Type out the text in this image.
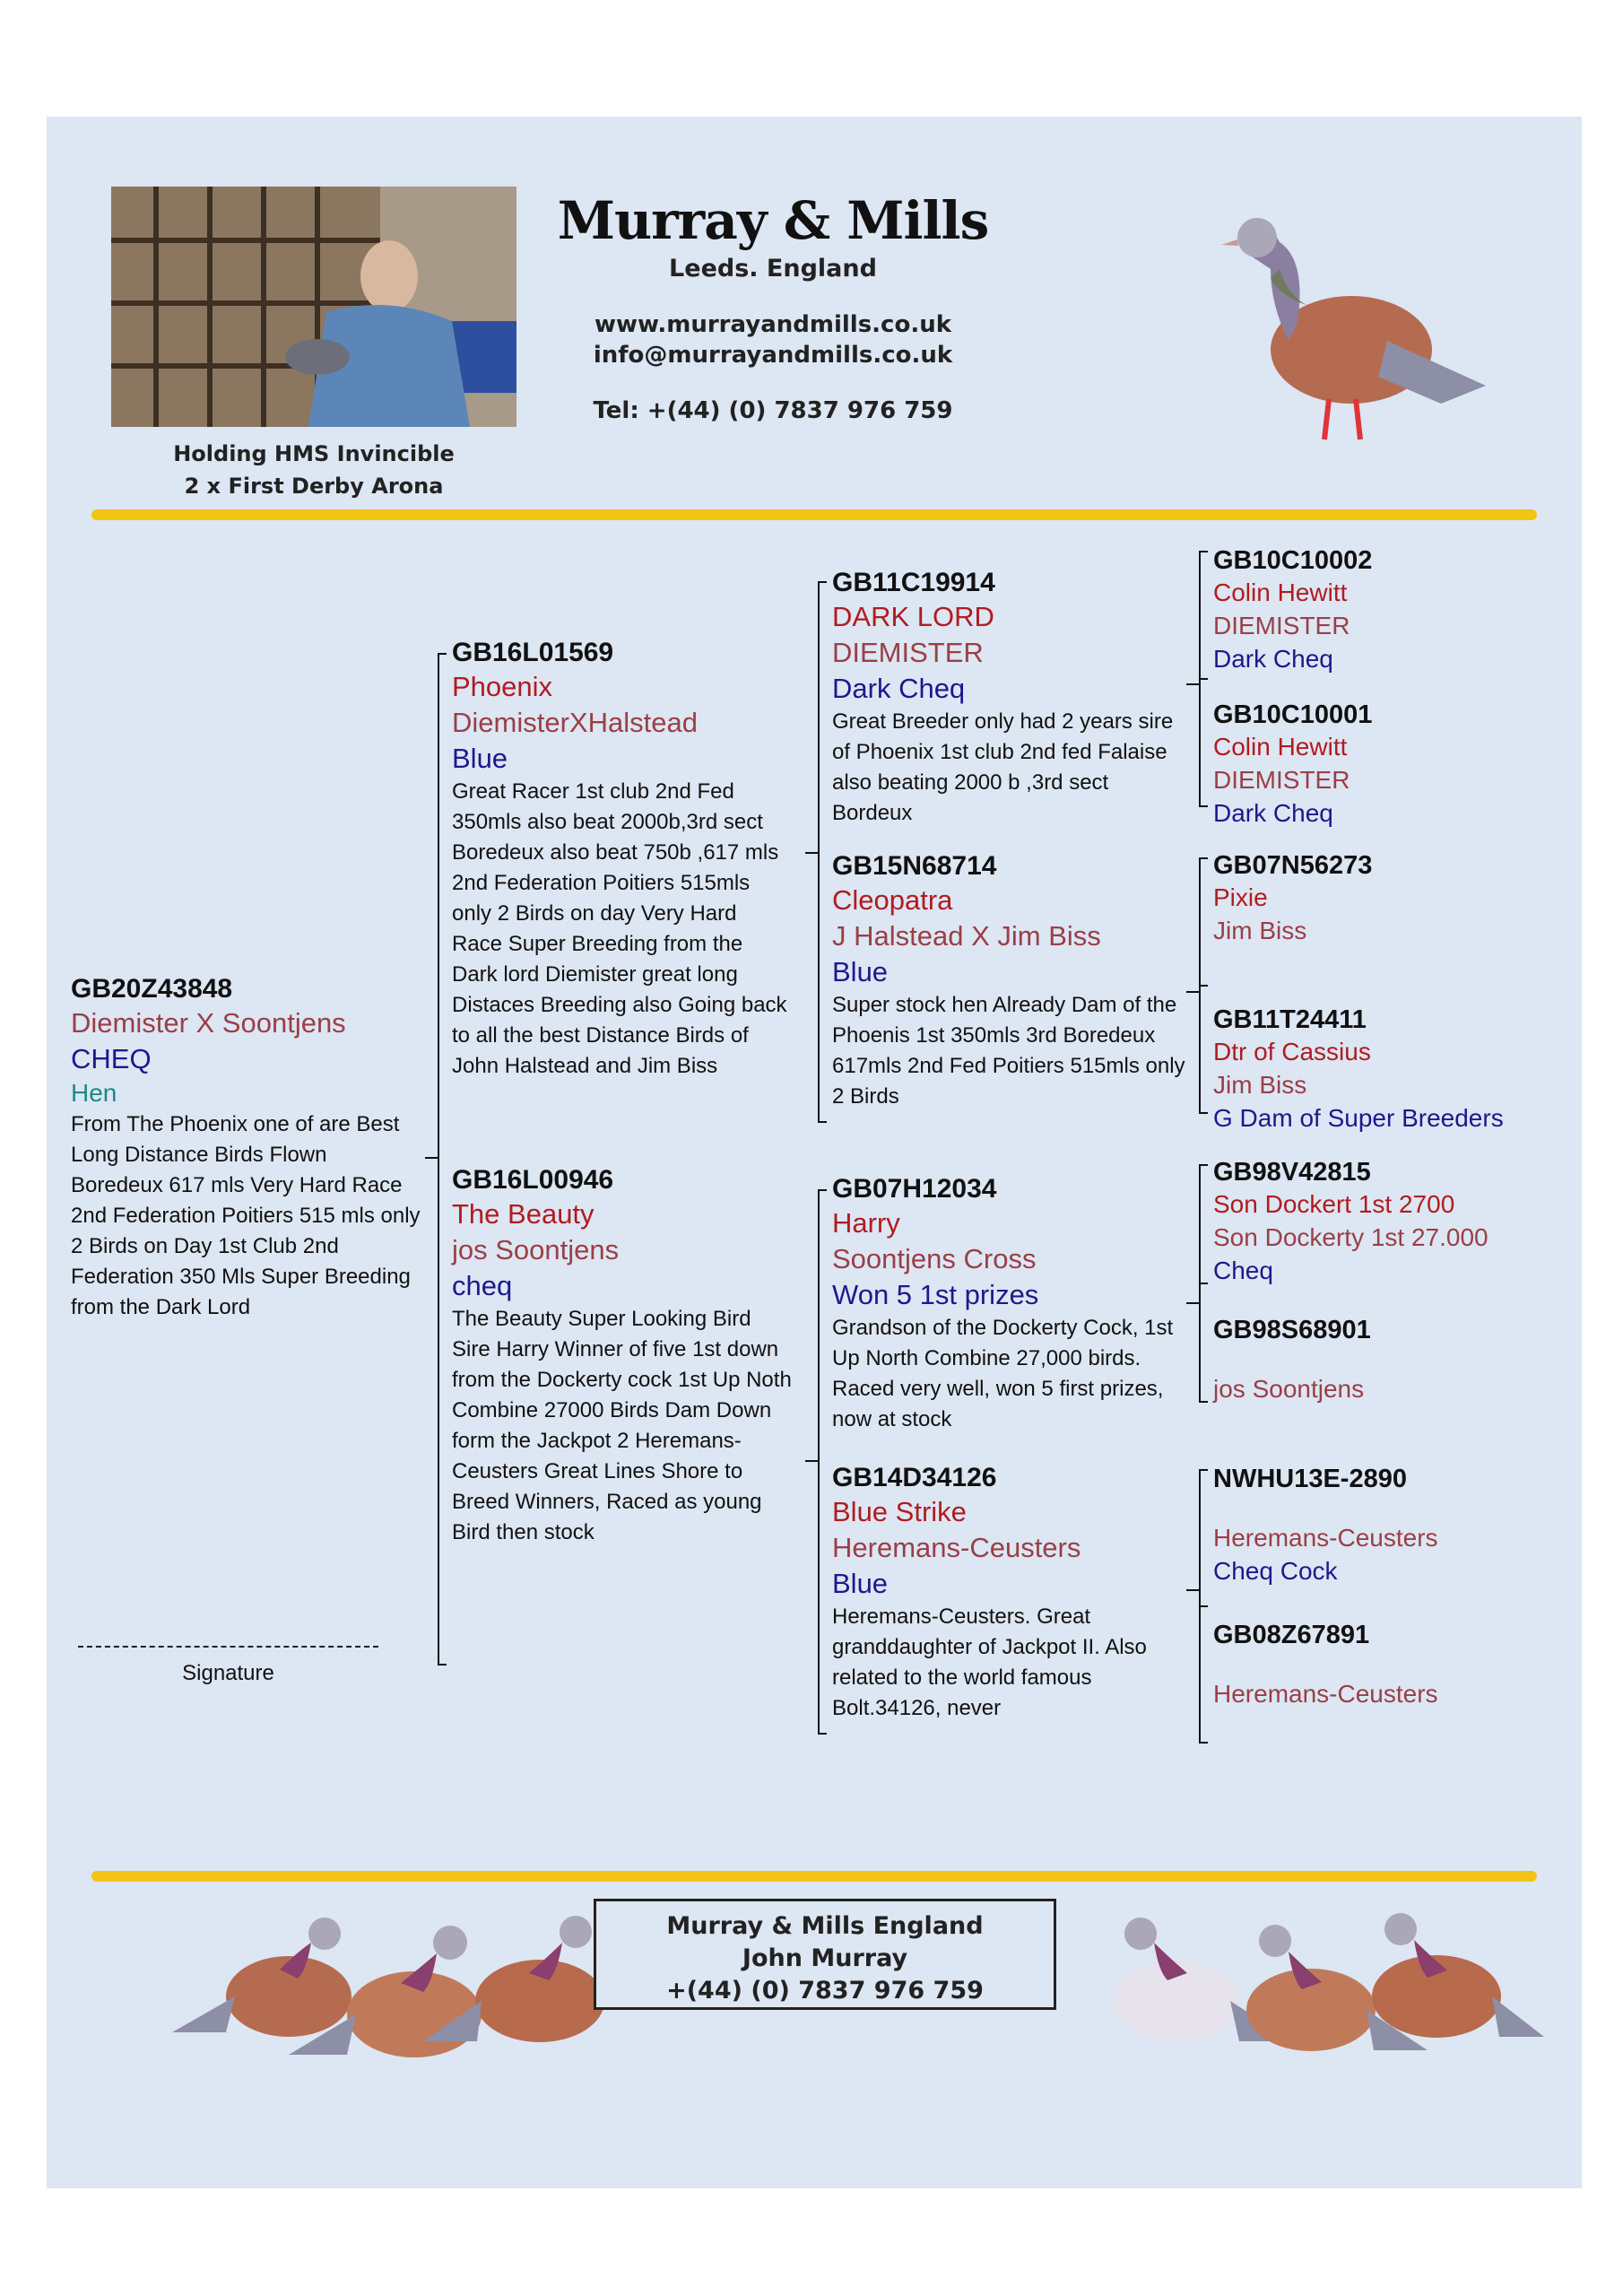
Holding HMS Invincible
2 x First Derby Arona
Murray & Mills
Leeds. England
www.murrayandmills.co.uk
info@murrayandmills.co.uk
Tel: +(44) (0) 7837 976 759
GB20Z43848
Diemister X Soontjens
CHEQ
Hen
From The Phoenix one of are Best Long Distance Birds Flown Boredeux 617 mls Very Hard Race 2nd Federation Poitiers 515 mls only 2 Birds on Day 1st Club 2nd Federation 350 Mls Super Breeding from the Dark Lord
GB16L01569
Phoenix
DiemisterXHalstead
Blue
Great Racer 1st club 2nd Fed 350mls also beat 2000b,3rd sect Boredeux also beat 750b ,617 mls 2nd Federation Poitiers 515mls only 2 Birds on day Very Hard Race Super Breeding from the Dark lord Diemister great long Distaces Breeding also Going back to all the best Distance Birds of John Halstead and Jim Biss
GB16L00946
The Beauty
jos Soontjens
cheq
The Beauty Super Looking Bird Sire Harry Winner of five 1st down from the Dockerty cock 1st Up Noth Combine 27000 Birds Dam Down form the Jackpot 2 Heremans-Ceusters Great Lines Shore to Breed Winners, Raced as young Bird then stock
GB11C19914
DARK LORD
DIEMISTER
Dark Cheq
Great Breeder only had 2 years sire of Phoenix 1st club 2nd fed Falaise also beating 2000 b ,3rd sect Bordeux
GB15N68714
Cleopatra
J Halstead X Jim Biss
Blue
Super stock hen Already Dam of the Phoenis 1st 350mls 3rd Boredeux 617mls 2nd Fed Poitiers 515mls only 2 Birds
GB07H12034
Harry
Soontjens Cross
Won 5 1st prizes
Grandson of the Dockerty Cock, 1st Up North Combine 27,000 birds. Raced very well, won 5 first prizes, now at stock
GB14D34126
Blue Strike
Heremans-Ceusters
Blue
Heremans-Ceusters. Great granddaughter of Jackpot II. Also related to the world famous Bolt.34126, never
GB10C10002
Colin Hewitt
DIEMISTER
Dark Cheq
GB10C10001
Colin Hewitt
DIEMISTER
Dark Cheq
GB07N56273
Pixie
Jim Biss
GB11T24411
Dtr of Cassius
Jim Biss
G Dam of Super Breeders
GB98V42815
Son Dockert 1st 2700
Son Dockerty 1st 27.000
Cheq
GB98S68901
jos Soontjens
NWHU13E-2890
Heremans-Ceusters
Cheq Cock
GB08Z67891
Heremans-Ceusters
Signature
Murray & Mills England
John Murray
+(44) (0) 7837 976 759
